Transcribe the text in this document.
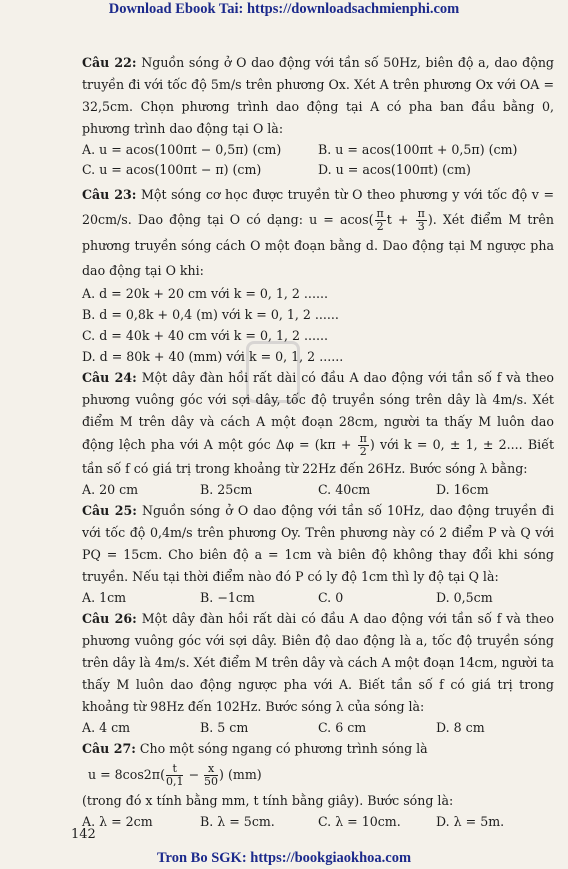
Download Ebook Tai: https://downloadsachmienphi.com

Câu 22: Nguồn sóng ở O dao động với tần số 50Hz, biên độ a, dao động truyền đi với tốc độ 5m/s trên phương Ox. Xét A trên phương Ox với OA = 32,5cm. Chọn phương trình dao động tại A có pha ban đầu bằng 0, phương trình dao động tại O là:

A. u = acos(100πt − 0,5π) (cm)	B. u = acos(100πt + 0,5π) (cm)
C. u = acos(100πt − π) (cm)	D. u = acos(100πt) (cm)

Câu 23: Một sóng cơ học được truyền từ O theo phương y với tốc độ v = 20cm/s. Dao động tại O có dạng: $u = acos( \frac{\pi}{2}$ $t + \frac{\pi}{3}$ ). Xét điểm M trên phương truyền sóng cách O một đoạn bằng d. Dao động tại M ngược pha dao động tại O khi:

A. d = 20k + 20 cm với k = 0, 1, 2 ......
B. d = 0,8k + 0,4 (m) với k = 0, 1, 2 ......
C. d = 40k + 40 cm với k = 0, 1, 2 ......
D. d = 80k + 40 (mm) với k = 0, 1, 2 ......

Câu 24: Một dây đàn hồi rất dài có đầu A dao động với tần số f và theo phương vuông góc với sợi dây, tốc độ truyền sóng trên dây là 4m/s. Xét điểm M trên dây và cách A một đoạn 28cm, người ta thấy M luôn dao động lệch pha với A một góc $\Delta\varphi = (k\pi + \frac{\pi}{2}$ ) với k = 0, ± 1, ± 2.... Biết tần số f có giá trị trong khoảng từ 22Hz đến 26Hz. Bước sóng λ bằng:

A. 20 cm	B. 25cm	C. 40cm	D. 16cm

Câu 25: Nguồn sóng ở O dao động với tần số 10Hz, dao động truyền đi với tốc độ 0,4m/s trên phương Oy. Trên phương này có 2 điểm P và Q với PQ = 15cm. Cho biên độ a = 1cm và biên độ không thay đổi khi sóng truyền. Nếu tại thời điểm nào đó P có ly độ 1cm thì ly độ tại Q là:

A. 1cm	B. −1cm	C. 0	D. 0,5cm

Câu 26: Một dây đàn hồi rất dài có đầu A dao động với tần số f và theo phương vuông góc với sợi dây. Biên độ dao động là a, tốc độ truyền sóng trên dây là 4m/s. Xét điểm M trên dây và cách A một đoạn 14cm, người ta thấy M luôn dao động ngược pha với A. Biết tần số f có giá trị trong khoảng từ 98Hz đến 102Hz. Bước sóng λ của sóng là:

A. 4 cm	B. 5 cm	C. 6 cm	D. 8 cm

Câu 27: Cho một sóng ngang có phương trình sóng là

$u = 8\cos 2\pi( \frac{t}{0,1} - \frac{x}{50}$ ) (mm)

(trong đó x tính bằng mm, t tính bằng giây). Bước sóng là:

A. λ = 2cm	B. λ = 5cm.	C. λ = 10cm.	D. λ = 5m.
142
Tron Bo SGK: https://bookgiaokhoa.com
